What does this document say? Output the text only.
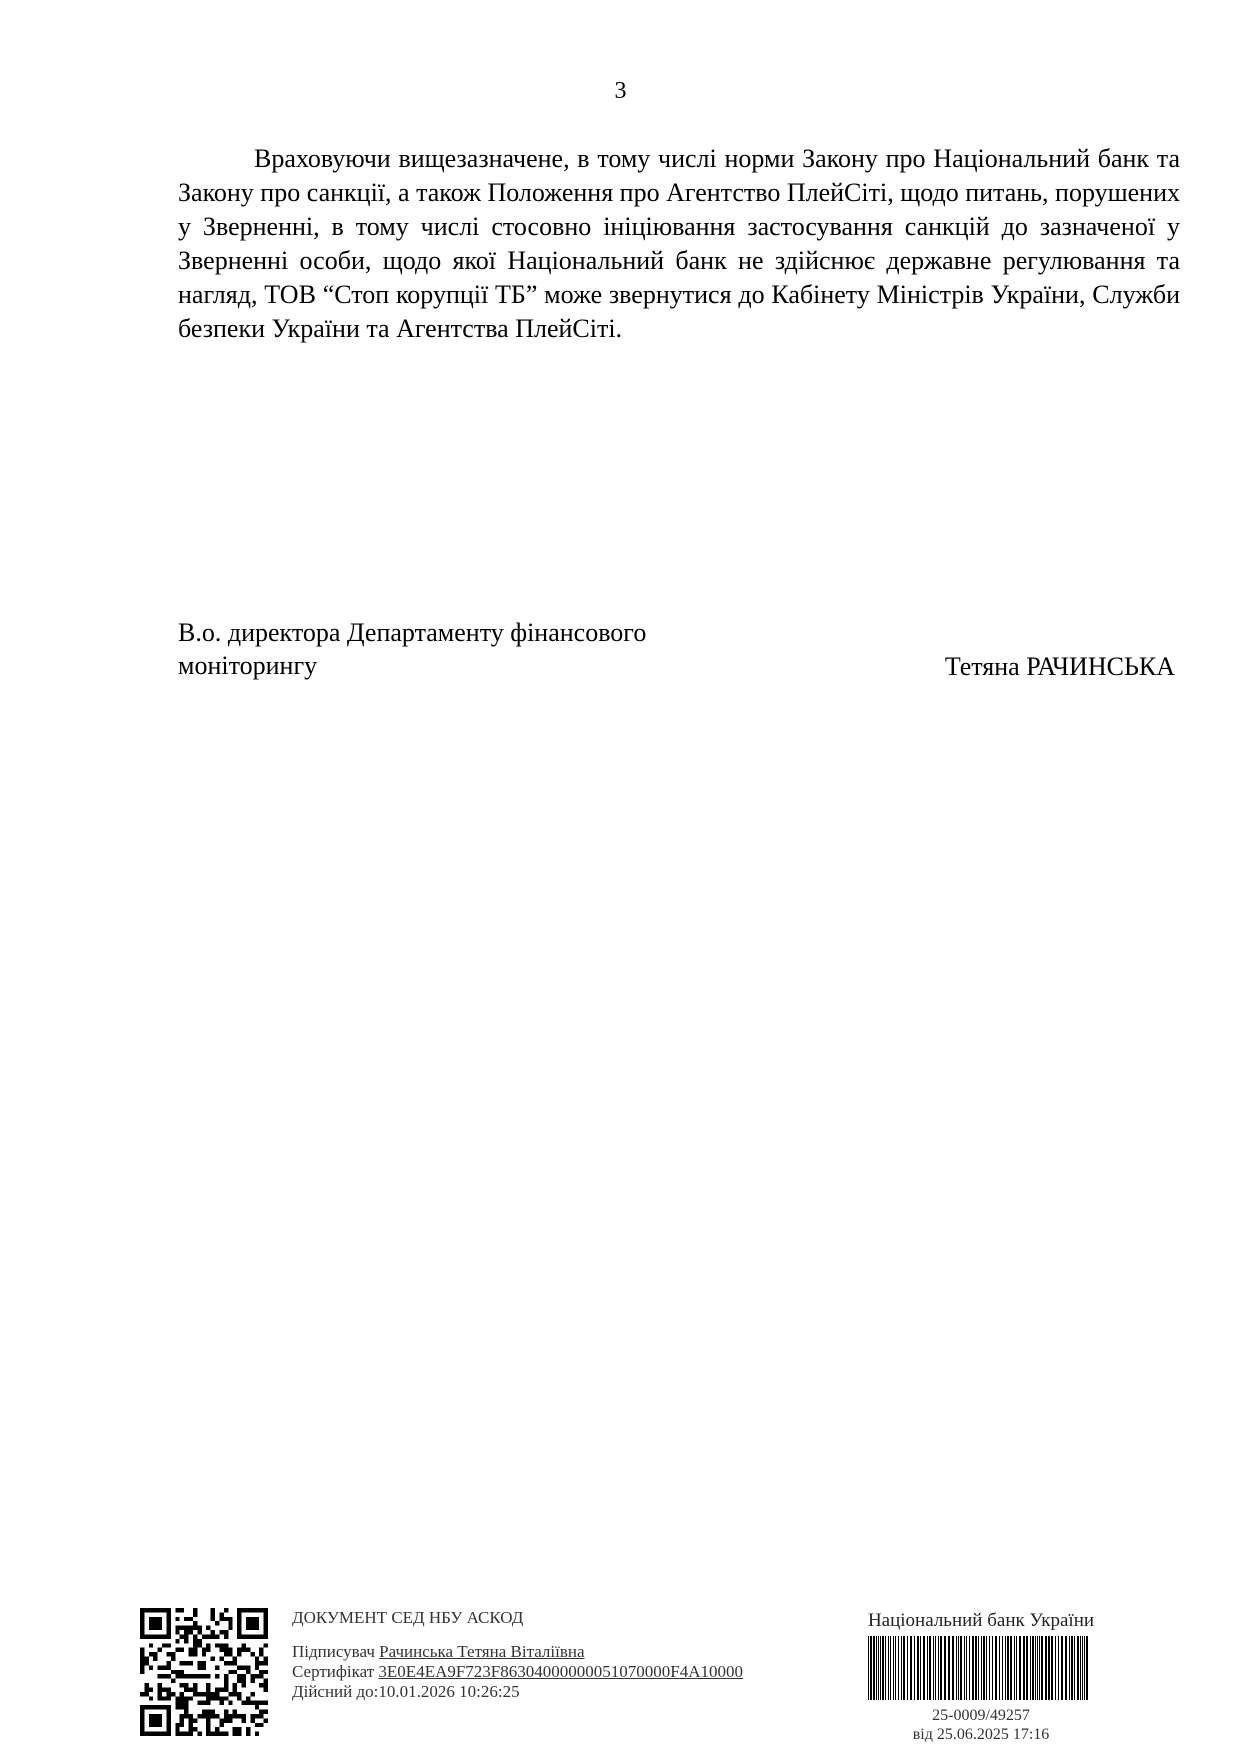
3

Враховуючи вищезазначене, в тому числі норми Закону про Національний банк та Закону про санкції, а також Положення про Агентство ПлейСіті, щодо питань, порушених у Зверненні, в тому числі стосовно ініціювання застосування санкцій до зазначеної у Зверненні особи, щодо якої Національний банк не здійснює державне регулювання та нагляд, ТОВ “Стоп корупції ТБ” може звернутися до Кабінету Міністрів України, Служби безпеки України та Агентства ПлейСіті.

В.о. директора Департаменту фінансового
моніторингу	Тетяна РАЧИНСЬКА
ДОКУМЕНТ СЕД НБУ АСКОД
Підписувач Рачинська Тетяна Віталіївна
Сертифікат 3E0E4EA9F723F86304000000051070000F4A10000
Дійсний до:10.01.2026 10:26:25
Національний банк України
25-0009/49257
від 25.06.2025 17:16
